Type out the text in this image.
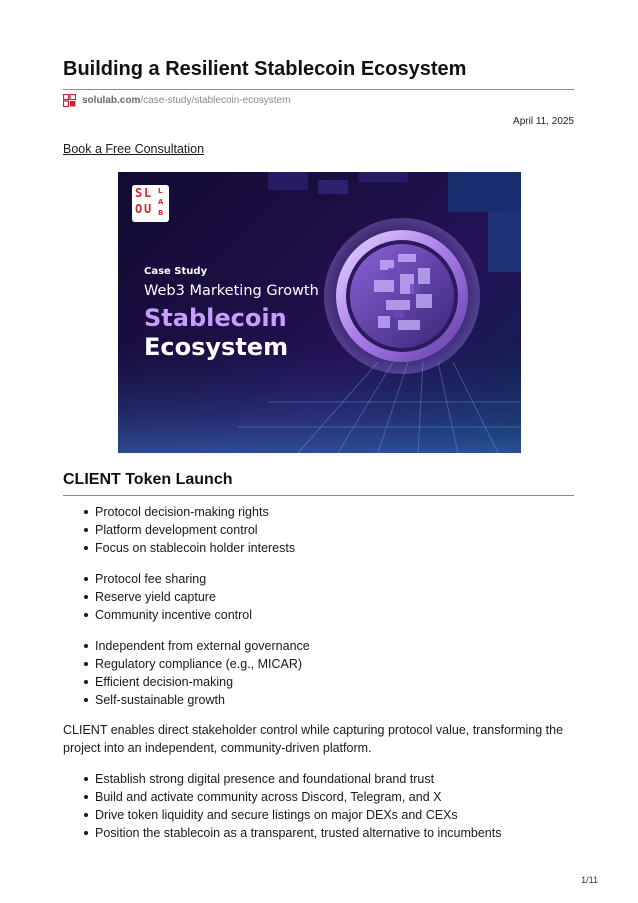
Building a Resilient Stablecoin Ecosystem
solulab.com /case-study/stablecoin-ecosystem
April 11, 2025
Book a Free Consultation
S L
O U
L
A
B
Case Study
Web3 Marketing Growth
Stablecoin
Ecosystem
CLIENT Token Launch
Protocol decision-making rights
Platform development control
Focus on stablecoin holder interests
Protocol fee sharing
Reserve yield capture
Community incentive control
Independent from external governance
Regulatory compliance (e.g., MICAR)
Efficient decision-making
Self-sustainable growth

CLIENT enables direct stakeholder control while capturing protocol value, transforming the project into an independent, community-driven platform.

Establish strong digital presence and foundational brand trust
Build and activate community across Discord, Telegram, and X
Drive token liquidity and secure listings on major DEXs and CEXs
Position the stablecoin as a transparent, trusted alternative to incumbents
1/11
